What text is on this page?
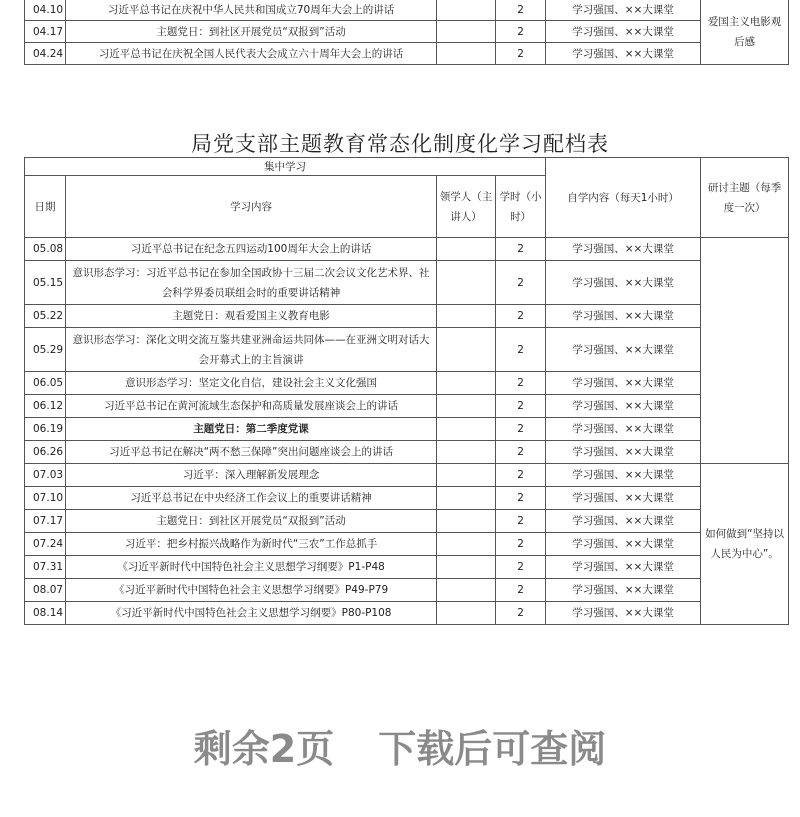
04.10	习近平总书记在庆祝中华人民共和国成立70周年大会上的讲话		2	学习强国、××大课堂	爱国主义电影观后感
04.17	主题党日：到社区开展党员“双报到”活动		2	学习强国、××大课堂	
04.24	习近平总书记在庆祝全国人民代表大会成立六十周年大会上的讲话		2	学习强国、××大课堂	
局党支部主题教育常态化制度化学习配档表
集中学习				自学内容（每天1小时）	研讨主题（每季度一次）
日期	学习内容	领学人（主讲人）	学时（小时）		
05.08	习近平总书记在纪念五四运动100周年大会上的讲话		2	学习强国、××大课堂	
05.15	意识形态学习：习近平总书记在参加全国政协十三届二次会议文化艺术界、社会科学界委员联组会时的重要讲话精神		2	学习强国、××大课堂	
05.22	主题党日：观看爱国主义教育电影		2	学习强国、××大课堂	
05.29	意识形态学习：深化文明交流互鉴共建亚洲命运共同体——在亚洲文明对话大会开幕式上的主旨演讲		2	学习强国、××大课堂	
06.05	意识形态学习：坚定文化自信，建设社会主义文化强国		2	学习强国、××大课堂	
06.12	习近平总书记在黄河流域生态保护和高质量发展座谈会上的讲话		2	学习强国、××大课堂	
06.19	主题党日：第二季度党课		2	学习强国、××大课堂	
06.26	习近平总书记在解决“两不愁三保障”突出问题座谈会上的讲话		2	学习强国、××大课堂	
07.03	习近平：深入理解新发展理念		2	学习强国、××大课堂	如何做到“坚持以人民为中心”。
07.10	习近平总书记在中央经济工作会议上的重要讲话精神		2	学习强国、××大课堂	
07.17	主题党日：到社区开展党员“双报到”活动		2	学习强国、××大课堂	
07.24	习近平：把乡村振兴战略作为新时代“三农”工作总抓手		2	学习强国、××大课堂	
07.31	《习近平新时代中国特色社会主义思想学习纲要》P1-P48		2	学习强国、××大课堂	
08.07	《习近平新时代中国特色社会主义思想学习纲要》P49-P79		2	学习强国、××大课堂	
08.14	《习近平新时代中国特色社会主义思想学习纲要》P80-P108		2	学习强国、××大课堂	
剩余2页 下载后可查阅
